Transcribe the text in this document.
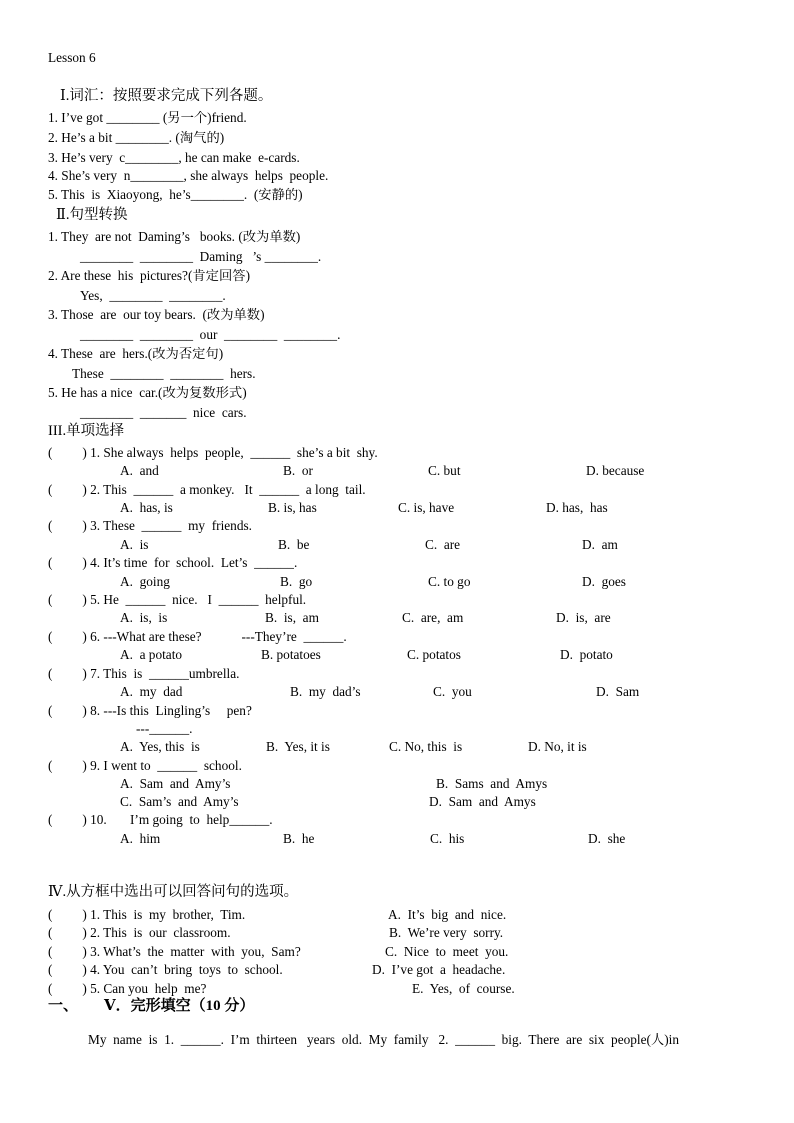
Lesson 6
Ⅰ.词汇：按照要求完成下列各题。
1. I’ve got ________ (另一个)friend.
2. He’s a bit ________. (淘气的)
3. He’s very  c________, he can make  e-cards.
4. She’s very  n________, she always  helps  people.
5. This  is  Xiaoyong,  he’s________.  (安静的)
Ⅱ.句型转换
1. They  are not  Daming’s   books. (改为单数)
________  ________  Daming   ’s ________.
2. Are these  his  pictures?(肯定回答)
Yes,  ________  ________.
3. Those  are  our toy bears.  (改为单数)
________  ________  our  ________  ________.
4. These  are  hers.(改为否定句)
These  ________  ________  hers.
5. He has a nice  car.(改为复数形式)
________  _______  nice  cars.
III.单项选择
(         ) 1. She always  helps  people,  ______  she’s a bit  shy.
A.  and	B.  or	C. but	D. because
(         ) 2. This  ______  a monkey.   It  ______  a long  tail.
A.  has, is	B. is, has	C. is, have	D. has,  has
(         ) 3. These  ______  my  friends.
A.  is	B.  be	C.  are	D.  am
(         ) 4. It’s time  for  school.  Let’s  ______.
A.  going	B.  go	C. to go	D.  goes
(         ) 5. He  ______  nice.   I  ______  helpful.
A.  is,  is	B.  is,  am	C.  are,  am	D.  is,  are
(         ) 6. ---What are these?            ---They’re  ______.
A.  a potato	B. potatoes	C. potatos	D.  potato
(         ) 7. This  is  ______umbrella.
A.  my  dad	B.  my  dad’s	C.  you	D.  Sam
(         ) 8. ---Is this  Lingling’s     pen?
---______.
A.  Yes, this  is	B.  Yes, it is	C. No, this  is	D. No, it is
(         ) 9. I went to  ______  school.
A.  Sam  and  Amy’s	B.  Sams  and  Amys
C.  Sam’s  and  Amy’s	D.  Sam  and  Amys
(         ) 10.       I’m going  to  help______.
A.  him	B.  he	C.  his	D.  she
Ⅳ.从方框中选出可以回答问句的选项。
(         ) 1. This  is  my  brother,  Tim.	A.  It’s  big  and  nice.
(         ) 2. This  is  our  classroom.	B.  We’re very  sorry.
(         ) 3. What’s  the  matter  with  you,  Sam?	C.  Nice  to  meet  you.
(         ) 4. You  can’t  bring  toys  to  school.	D.  I’ve got  a  headache.
(         ) 5. Can you  help  me?	E.  Yes,  of  course.
一、 Ⅴ．完形填空（10 分）
My  name  is  1.  ______.  I’m  thirteen   years  old.  My  family   2.  ______  big.  There  are  six  people(人)in
